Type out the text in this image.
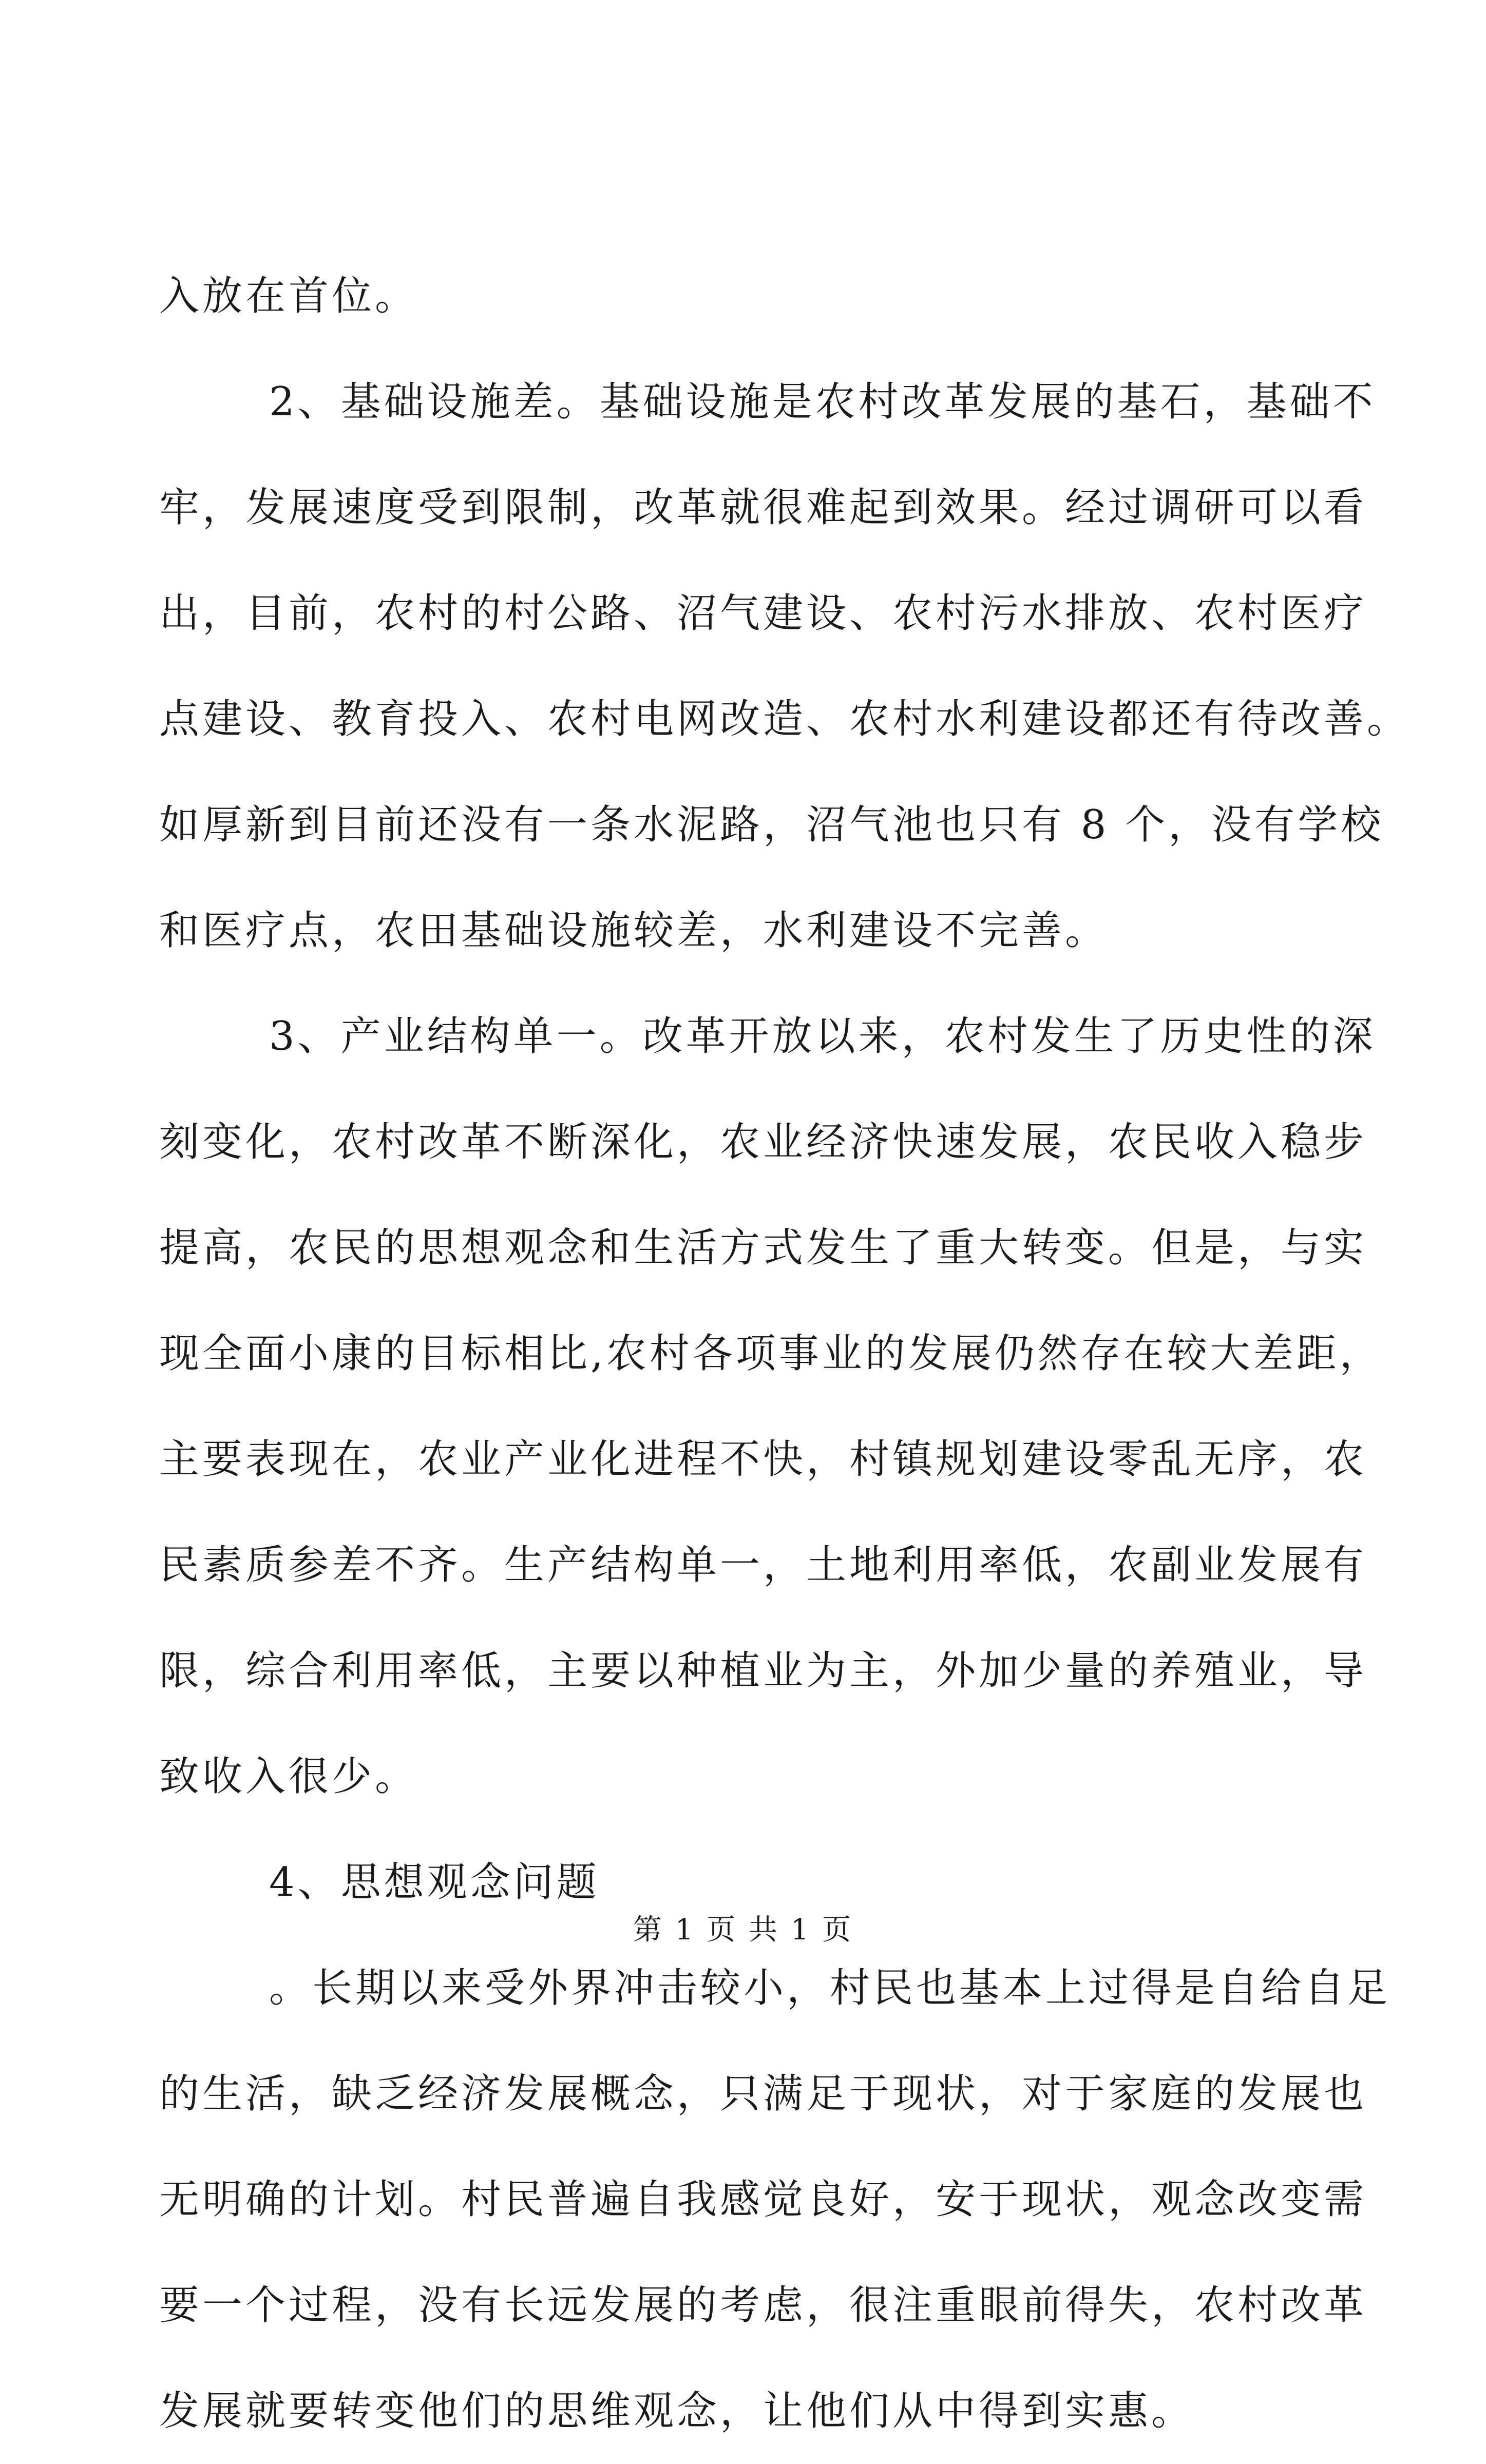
入放在首位。
2、基础设施差。基础设施是农村改革发展的基石，基础不
牢，发展速度受到限制，改革就很难起到效果。经过调研可以看
出，目前，农村的村公路、沼气建设、农村污水排放、农村医疗
点建设、教育投入、农村电网改造、农村水利建设都还有待改善。
如厚新到目前还没有一条水泥路，沼气池也只有 8 个，没有学校
和医疗点，农田基础设施较差，水利建设不完善。
3、产业结构单一。改革开放以来，农村发生了历史性的深
刻变化，农村改革不断深化，农业经济快速发展，农民收入稳步
提高，农民的思想观念和生活方式发生了重大转变。但是，与实
现全面小康的目标相比,农村各项事业的发展仍然存在较大差距，
主要表现在，农业产业化进程不快，村镇规划建设零乱无序，农
民素质参差不齐。生产结构单一，土地利用率低，农副业发展有
限，综合利用率低，主要以种植业为主，外加少量的养殖业，导
致收入很少。
4、思想观念问题
。长期以来受外界冲击较小，村民也基本上过得是自给自足
的生活，缺乏经济发展概念，只满足于现状，对于家庭的发展也
无明确的计划。村民普遍自我感觉良好，安于现状，观念改变需
要一个过程，没有长远发展的考虑，很注重眼前得失，农村改革
发展就要转变他们的思维观念，让他们从中得到实惠。
第 1 页 共 1 页
